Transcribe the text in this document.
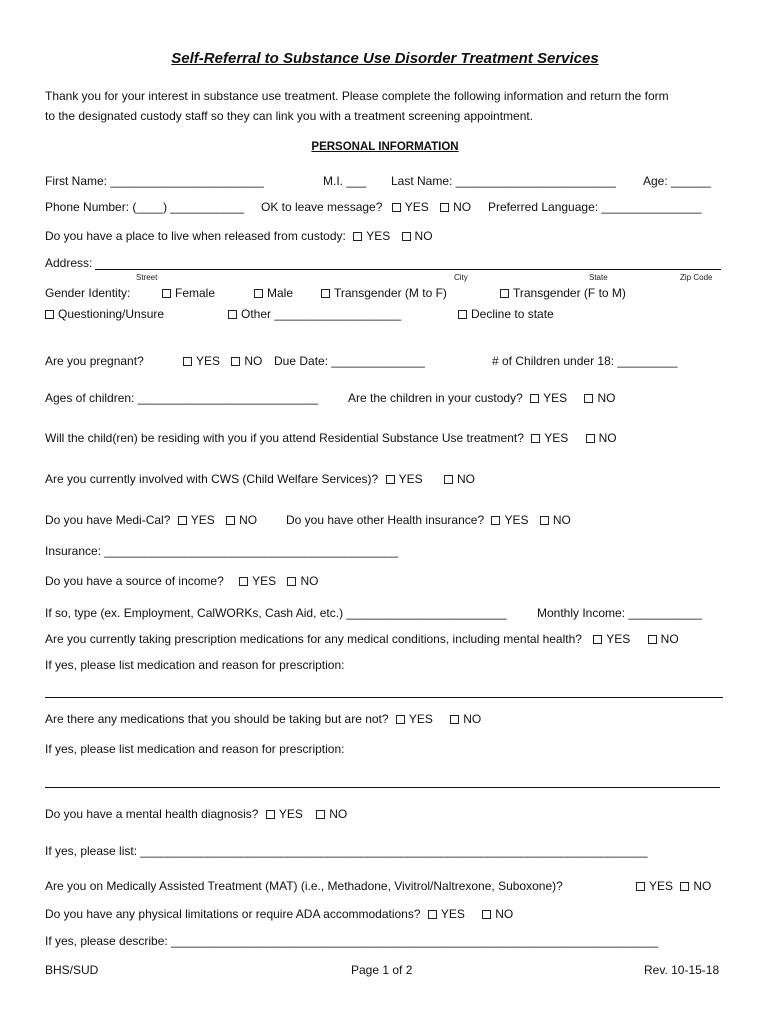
Self-Referral to Substance Use Disorder Treatment Services
Thank you for your interest in substance use treatment. Please complete the following information and return the form
to the designated custody staff so they can link you with a treatment screening appointment.
PERSONAL INFORMATION
First Name: _______________________	M.I. ___ Last Name: ________________________ Age: ______
Phone Number: (____) ___________ OK to leave message? YES NO Preferred Language: _______________
Do you have a place to live when released from custody: YES NO
Address:
Street	City	State	Zip Code
Gender Identity:	Female	Male	Transgender (M to F)	Transgender (F to M)
Questioning/Unsure	Other ___________________	Decline to state
Are you pregnant?	YES NO Due Date: ______________	# of Children under 18: _________
Ages of children: ___________________________	Are the children in your custody? YES	NO
Will the child(ren) be residing with you if you attend Residential Substance Use treatment? YES	NO
Are you currently involved with CWS (Child Welfare Services)? YES	NO
Do you have Medi-Cal? YES NO Do you have other Health insurance? YES NO
Insurance: ____________________________________________
Do you have a source of income? YES NO
If so, type (ex. Employment, CalWORKs, Cash Aid, etc.) ________________________	Monthly Income: ___________
Are you currently taking prescription medications for any medical conditions, including mental health? YES	NO
If yes, please list medication and reason for prescription:
Are there any medications that you should be taking but are not? YES	NO
If yes, please list medication and reason for prescription:
Do you have a mental health diagnosis? YES NO
If yes, please list: ____________________________________________________________________________
Are you on Medically Assisted Treatment (MAT) (i.e., Methadone, Vivitrol/Naltrexone, Suboxone)?	YES NO
Do you have any physical limitations or require ADA accommodations? YES	NO
If yes, please describe: _________________________________________________________________________
BHS/SUD	Page 1 of 2	Rev. 10-15-18
